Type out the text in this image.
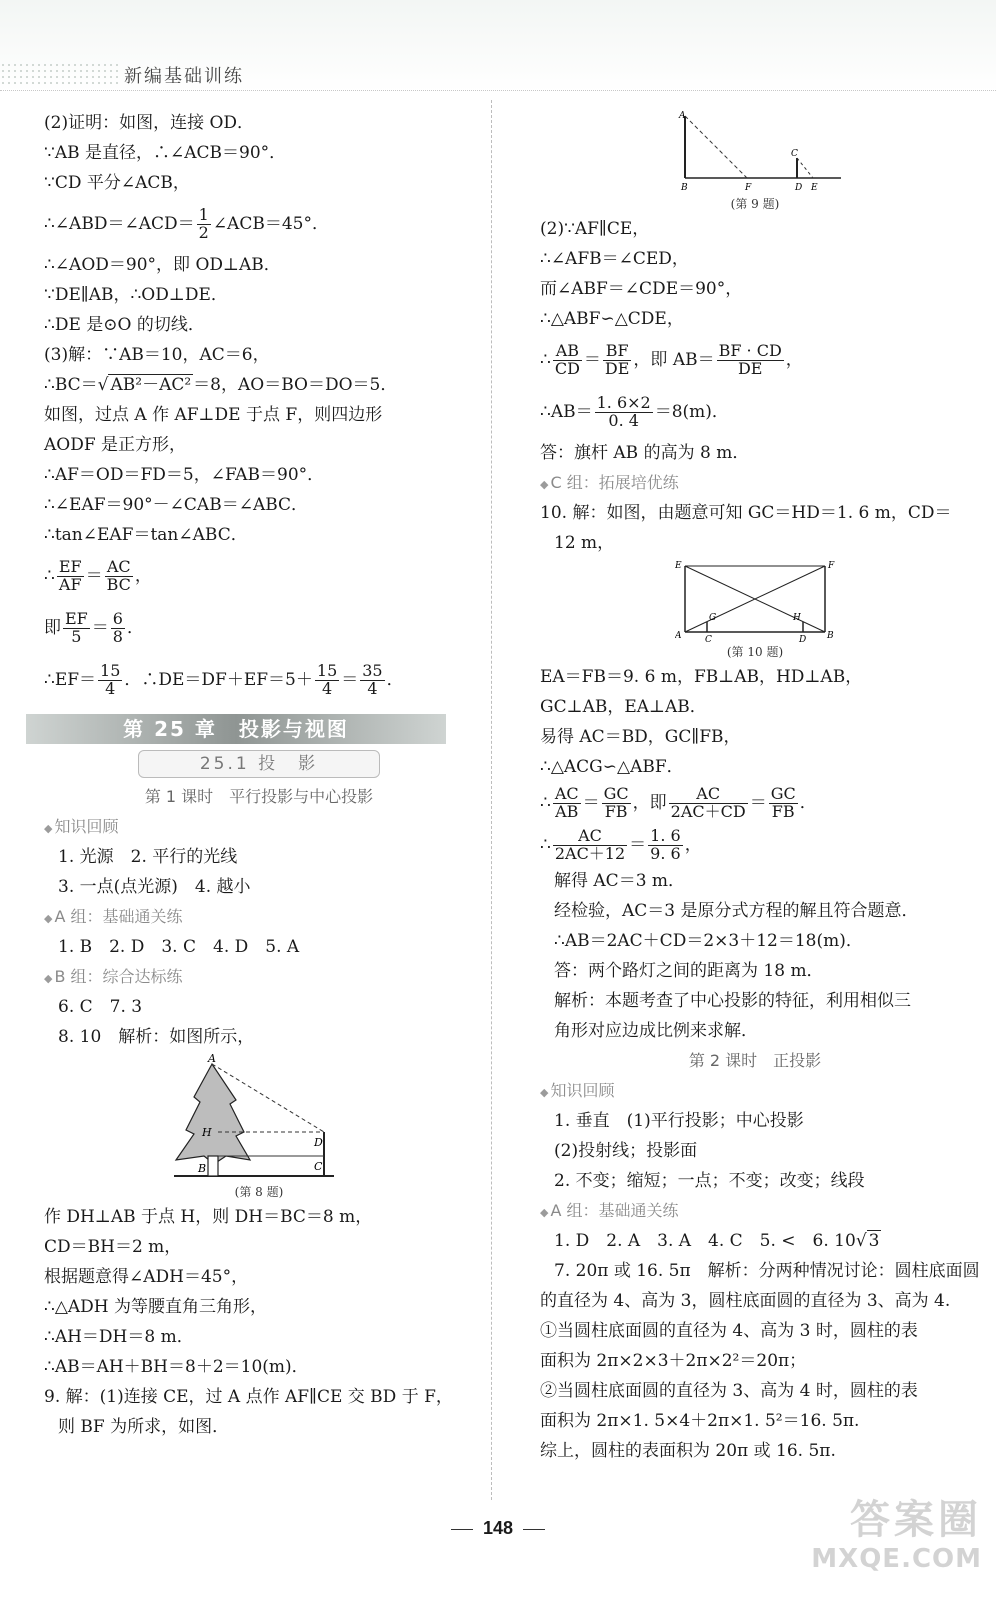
新编基础训练
(2)证明：如图，连接 OD．
∵AB 是直径，∴∠ACB＝90°．
∵CD 平分∠ACB，
∴∠ABD＝∠ACD＝ $\frac{1}{2}$ ∠ACB＝45°．
∴∠AOD＝90°，即 OD⊥AB．
∵DE∥AB，∴OD⊥DE．
∴DE 是⊙O 的切线．
(3)解：∵AB＝10，AC＝6，
∴BC＝√ AB²－AC² ＝8，AO＝BO＝DO＝5．
如图，过点 A 作 AF⊥DE 于点 F，则四边形
AODF 是正方形，
∴AF＝OD＝FD＝5，∠FAB＝90°．
∴∠EAF＝90°－∠CAB＝∠ABC．
∴tan∠EAF＝tan∠ABC．
∴ $\frac{EF}{AF} = \frac{AC}{BC}$ ，
即 $\frac{EF}{5} = \frac{6}{8}$ ．
∴EF＝ $\frac{15}{4}$ ．∴DE＝DF＋EF＝5＋ $\frac{15}{4} = \frac{35}{4}$ ．
第 25 章　投影与视图
25.1 投　影
第 1 课时　平行投影与中心投影
◆ 知识回顾
1. 光源　2. 平行的光线
3. 一点(点光源)　4. 越小
◆ A 组：基础通关练
1. B　2. D　3. C　4. D　5. A
◆ B 组：综合达标练
6. C　7. 3
8. 10　解析：如图所示，
A
H
B	C
D
(第 8 题)
作 DH⊥AB 于点 H，则 DH＝BC＝8 m，
CD＝BH＝2 m，
根据题意得∠ADH＝45°，
∴△ADH 为等腰直角三角形，
∴AH＝DH＝8 m．
∴AB＝AH＋BH＝8＋2＝10(m)．
9. 解：(1)连接 CE，过 A 点作 AF∥CE 交 BD 于 F，
则 BF 为所求，如图．
A
B	F
C
D E
(第 9 题)
(2)∵AF∥CE，
∴∠AFB＝∠CED，
而∠ABF＝∠CDE＝90°，
∴△ABF∽△CDE，
∴ $\frac{AB}{CD} = \frac{BF}{DE}$ ，即 $AB= \frac{BF \cdot CD}{DE}$ ，
∴AB＝ $\frac{1. 6\times 2}{0. 4} =8(m)$．
答：旗杆 AB 的高为 8 m．
◆ C 组：拓展培优练
10. 解：如图，由题意可知 GC＝HD＝1. 6 m，CD＝
12 m，
E	F
G	H
A	C	D B
(第 10 题)
EA＝FB＝9. 6 m，FB⊥AB，HD⊥AB，
GC⊥AB，EA⊥AB．
易得 AC＝BD，GC∥FB，
∴△ACG∽△ABF．
∴ $\frac{AC}{AB} = \frac{GC}{FB}$ ，即 $\frac{AC}{2AC+CD} = \frac{GC}{FB}$ ．
∴ $\frac{AC}{2AC+12} = \frac{1. 6}{9. 6}$ ，
解得 AC＝3 m．
经检验，AC＝3 是原分式方程的解且符合题意．
∴AB＝2AC＋CD＝2×3＋12＝18(m)．
答：两个路灯之间的距离为 18 m．
解析：本题考查了中心投影的特征，利用相似三
角形对应边成比例来求解．
第 2 课时　正投影
◆ 知识回顾
1. 垂直　(1)平行投影；中心投影
(2)投射线；投影面
2. 不变；缩短；一点；不变；改变；线段
◆ A 组：基础通关练
1. D　2. A　3. A　4. C　5. <　6. 10√ 3
7. 20π 或 16. 5π　解析：分两种情况讨论：圆柱底面圆
的直径为 4、高为 3，圆柱底面圆的直径为 3、高为 4.
①当圆柱底面圆的直径为 4、高为 3 时，圆柱的表
面积为 2π×2×3＋2π×2²＝20π；
②当圆柱底面圆的直径为 3、高为 4 时，圆柱的表
面积为 2π×1. 5×4＋2π×1. 5²＝16. 5π.
综上，圆柱的表面积为 20π 或 16. 5π.
148	答案圈
MXQE.COM
